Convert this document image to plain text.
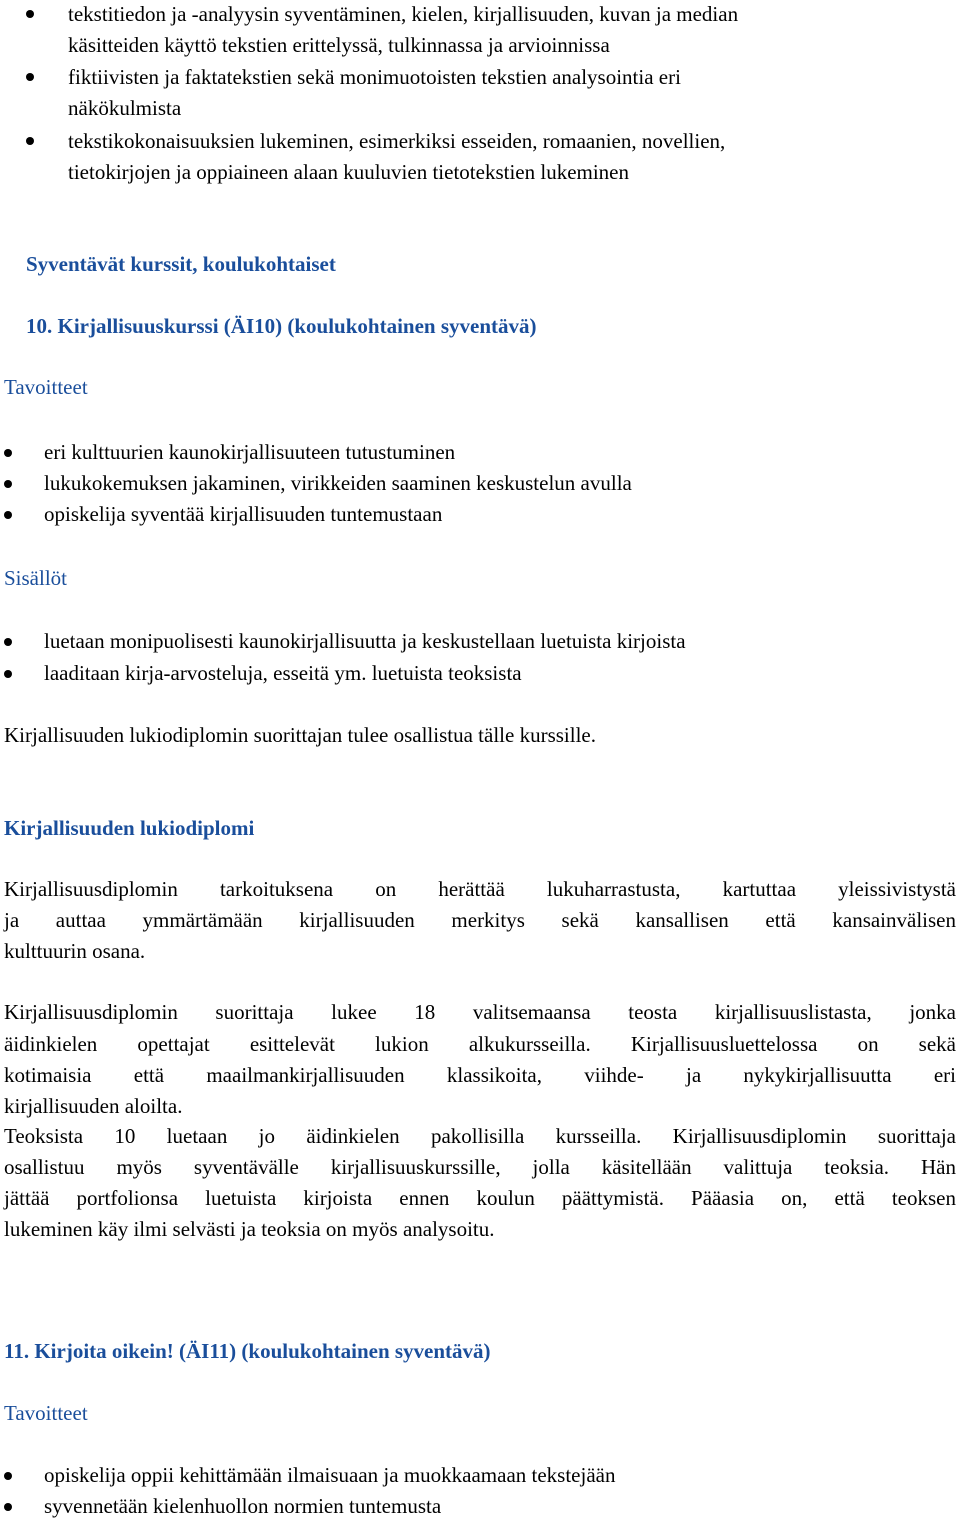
tekstitiedon ja -analyysin syventäminen, kielen, kirjallisuuden, kuvan ja median

käsitteiden käyttö tekstien erittelyssä, tulkinnassa ja arvioinnissa

fiktiivisten ja faktatekstien sekä monimuotoisten tekstien analysointia eri

näkökulmista

tekstikokonaisuuksien lukeminen, esimerkiksi esseiden, romaanien, novellien,

tietokirjojen ja oppiaineen alaan kuuluvien tietotekstien lukeminen

Syventävät kurssit, koulukohtaiset

10. Kirjallisuuskurssi (ÄI10) (koulukohtainen syventävä)

Tavoitteet

eri kulttuurien kaunokirjallisuuteen tutustuminen

lukukokemuksen jakaminen, virikkeiden saaminen keskustelun avulla

opiskelija syventää kirjallisuuden tuntemustaan

Sisällöt

luetaan monipuolisesti kaunokirjallisuutta ja keskustellaan luetuista kirjoista

laaditaan kirja-arvosteluja, esseitä ym. luetuista teoksista

Kirjallisuuden lukiodiplomin suorittajan tulee osallistua tälle kurssille.

Kirjallisuuden lukiodiplomi

Kirjallisuusdiplomin tarkoituksena on herättää lukuharrastusta, kartuttaa yleissivistystä

ja auttaa ymmärtämään kirjallisuuden merkitys sekä kansallisen että kansainvälisen

kulttuurin osana.

Kirjallisuusdiplomin suorittaja lukee 18 valitsemaansa teosta kirjallisuuslistasta, jonka

äidinkielen opettajat esittelevät lukion alkukursseilla. Kirjallisuusluettelossa on sekä

kotimaisia että maailmankirjallisuuden klassikoita, viihde- ja nykykirjallisuutta eri

kirjallisuuden aloilta.

Teoksista 10 luetaan jo äidinkielen pakollisilla kursseilla. Kirjallisuusdiplomin suorittaja

osallistuu myös syventävälle kirjallisuuskurssille, jolla käsitellään valittuja teoksia. Hän

jättää portfolionsa luetuista kirjoista ennen koulun päättymistä. Pääasia on, että teoksen

lukeminen käy ilmi selvästi ja teoksia on myös analysoitu.

11. Kirjoita oikein! (ÄI11) (koulukohtainen syventävä)

Tavoitteet

opiskelija oppii kehittämään ilmaisuaan ja muokkaamaan tekstejään

syvennetään kielenhuollon normien tuntemusta
